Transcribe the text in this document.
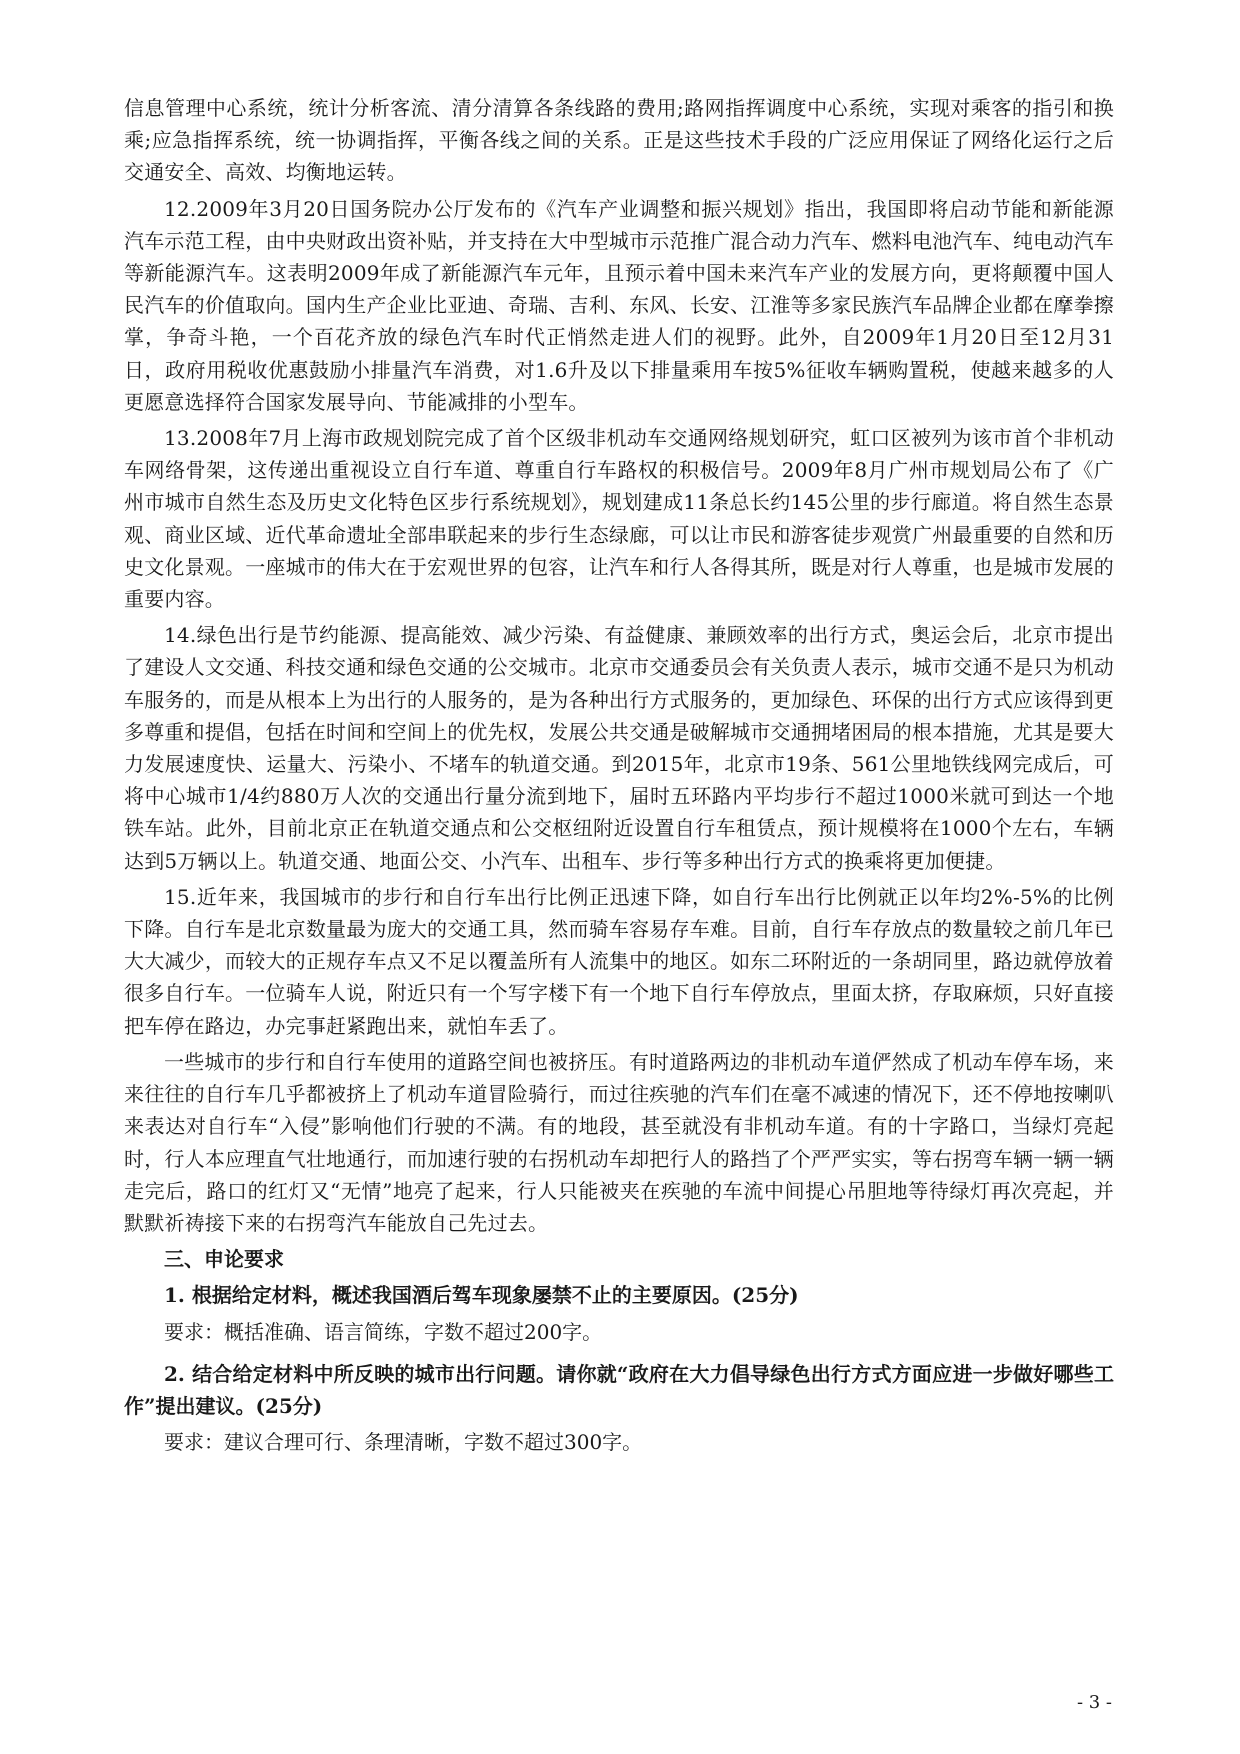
信息管理中心系统，统计分析客流、清分清算各条线路的费用;路网指挥调度中心系统，实现对乘客的指引和换乘;应急指挥系统，统一协调指挥，平衡各线之间的关系。正是这些技术手段的广泛应用保证了网络化运行之后交通安全、高效、均衡地运转。

12.2009年3月20日国务院办公厅发布的《汽车产业调整和振兴规划》指出，我国即将启动节能和新能源汽车示范工程，由中央财政出资补贴，并支持在大中型城市示范推广混合动力汽车、燃料电池汽车、纯电动汽车等新能源汽车。这表明2009年成了新能源汽车元年，且预示着中国未来汽车产业的发展方向，更将颠覆中国人民汽车的价值取向。国内生产企业比亚迪、奇瑞、吉利、东风、长安、江淮等多家民族汽车品牌企业都在摩拳擦掌，争奇斗艳，一个百花齐放的绿色汽车时代正悄然走进人们的视野。此外，自2009年1月20日至12月31日，政府用税收优惠鼓励小排量汽车消费，对1.6升及以下排量乘用车按5%征收车辆购置税，使越来越多的人更愿意选择符合国家发展导向、节能减排的小型车。

13.2008年7月上海市政规划院完成了首个区级非机动车交通网络规划研究，虹口区被列为该市首个非机动车网络骨架，这传递出重视设立自行车道、尊重自行车路权的积极信号。2009年8月广州市规划局公布了《广州市城市自然生态及历史文化特色区步行系统规划》，规划建成11条总长约145公里的步行廊道。将自然生态景观、商业区域、近代革命遗址全部串联起来的步行生态绿廊，可以让市民和游客徒步观赏广州最重要的自然和历史文化景观。一座城市的伟大在于宏观世界的包容，让汽车和行人各得其所，既是对行人尊重，也是城市发展的重要内容。

14.绿色出行是节约能源、提高能效、减少污染、有益健康、兼顾效率的出行方式，奥运会后，北京市提出了建设人文交通、科技交通和绿色交通的公交城市。北京市交通委员会有关负责人表示，城市交通不是只为机动车服务的，而是从根本上为出行的人服务的，是为各种出行方式服务的，更加绿色、环保的出行方式应该得到更多尊重和提倡，包括在时间和空间上的优先权，发展公共交通是破解城市交通拥堵困局的根本措施，尤其是要大力发展速度快、运量大、污染小、不堵车的轨道交通。到2015年，北京市19条、561公里地铁线网完成后，可将中心城市1/4约880万人次的交通出行量分流到地下，届时五环路内平均步行不超过1000米就可到达一个地铁车站。此外，目前北京正在轨道交通点和公交枢纽附近设置自行车租赁点，预计规模将在1000个左右，车辆达到5万辆以上。轨道交通、地面公交、小汽车、出租车、步行等多种出行方式的换乘将更加便捷。

15.近年来，我国城市的步行和自行车出行比例正迅速下降，如自行车出行比例就正以年均2%-5%的比例下降。自行车是北京数量最为庞大的交通工具，然而骑车容易存车难。目前，自行车存放点的数量较之前几年已大大减少，而较大的正规存车点又不足以覆盖所有人流集中的地区。如东二环附近的一条胡同里，路边就停放着很多自行车。一位骑车人说，附近只有一个写字楼下有一个地下自行车停放点，里面太挤，存取麻烦，只好直接把车停在路边，办完事赶紧跑出来，就怕车丢了。

一些城市的步行和自行车使用的道路空间也被挤压。有时道路两边的非机动车道俨然成了机动车停车场，来来往往的自行车几乎都被挤上了机动车道冒险骑行，而过往疾驰的汽车们在毫不减速的情况下，还不停地按喇叭来表达对自行车“入侵”影响他们行驶的不满。有的地段，甚至就没有非机动车道。有的十字路口，当绿灯亮起时，行人本应理直气壮地通行，而加速行驶的右拐机动车却把行人的路挡了个严严实实，等右拐弯车辆一辆一辆走完后，路口的红灯又“无情”地亮了起来，行人只能被夹在疾驰的车流中间提心吊胆地等待绿灯再次亮起，并默默祈祷接下来的右拐弯汽车能放自己先过去。

三、申论要求

1. 根据给定材料，概述我国酒后驾车现象屡禁不止的主要原因。(25分)

要求：概括准确、语言简练，字数不超过200字。

2. 结合给定材料中所反映的城市出行问题。请你就“政府在大力倡导绿色出行方式方面应进一步做好哪些工作”提出建议。(25分)

要求：建议合理可行、条理清晰，字数不超过300字。

- 3 -
